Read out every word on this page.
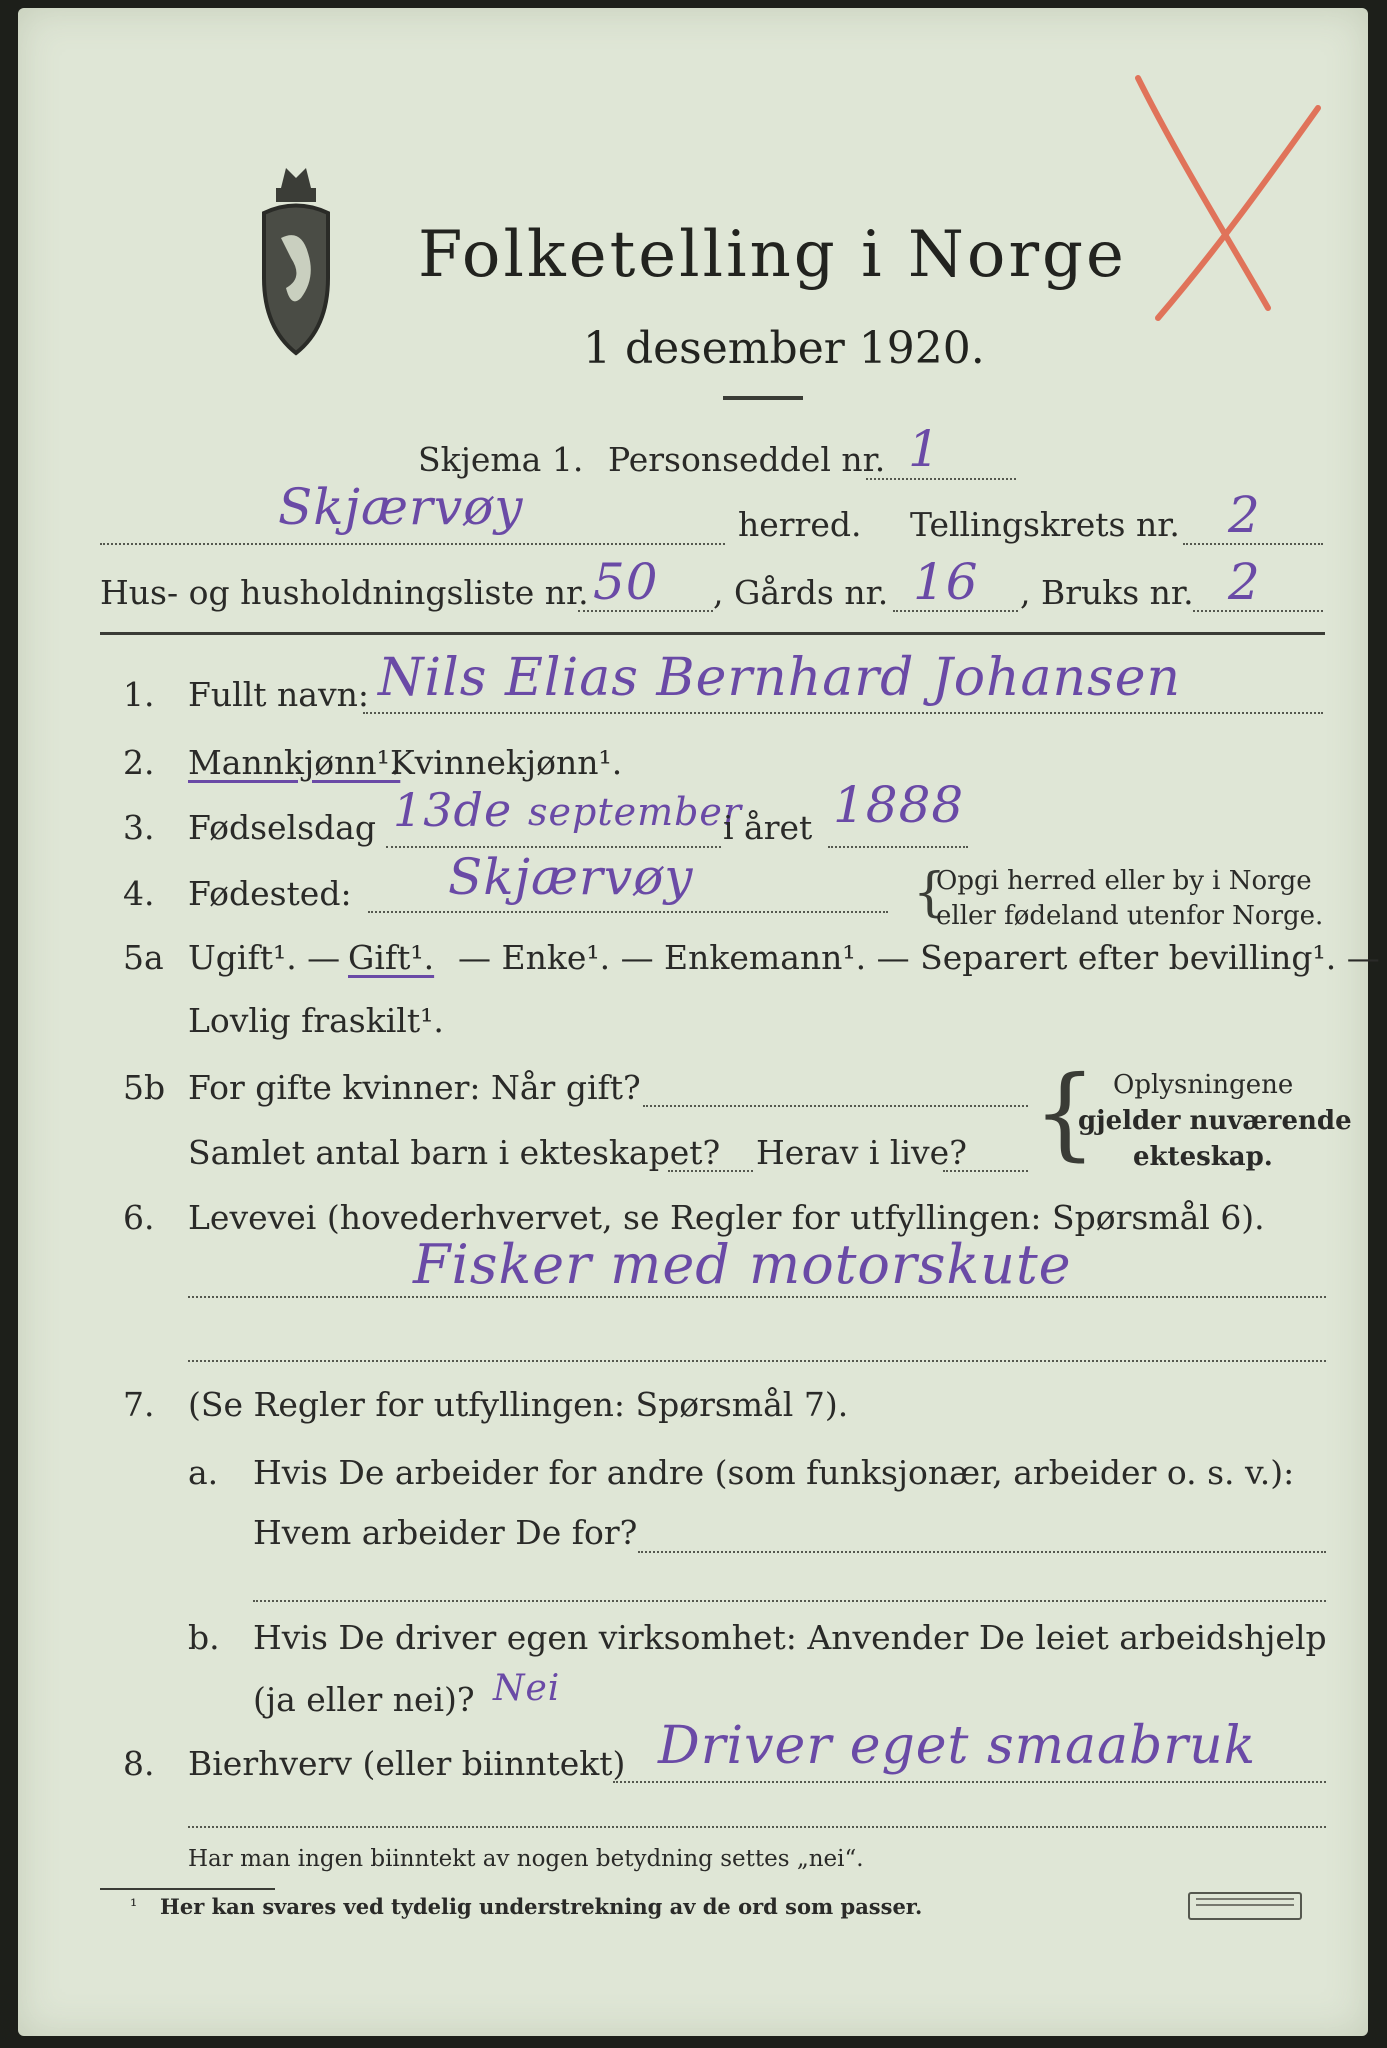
Folketelling i Norge
1 desember 1920.
Skjema 1. Personseddel nr. 1
Skjærvøy	herred. Tellingskrets nr. 2
Hus- og husholdningsliste nr. 50 , Gårds nr. 16 , Bruks nr. 2
1. Fullt navn: Nils Elias Bernhard Johansen
2. Mannkjønn¹.
Kvinnekjønn¹.
3. Fødselsdag 13de september
i året 1888
4. Fødested: Skjærvøy	{
Opgi herred eller by i Norge
eller fødeland utenfor Norge.
5a Ugift¹. — Gift¹. — Enke¹. — Enkemann¹. — Separert efter bevilling¹. —
Lovlig fraskilt¹.
5b For gifte kvinner: Når gift?
Samlet antal barn i ekteskapet? Herav i live? { Oplysningene
gjelder nuværende
ekteskap.
6. Levevei (hovederhvervet, se Regler for utfyllingen: Spørsmål 6).
Fisker med motorskute
7. (Se Regler for utfyllingen: Spørsmål 7).
a. Hvis De arbeider for andre (som funksjonær, arbeider o. s. v.):
Hvem arbeider De for?
b. Hvis De driver egen virksomhet: Anvender De leiet arbeidshjelp
(ja eller nei)? Nei
8. Bierhverv (eller biinntekt) Driver eget smaabruk
Har man ingen biinntekt av nogen betydning settes „nei“.
¹ Her kan svares ved tydelig understrekning av de ord som passer.
